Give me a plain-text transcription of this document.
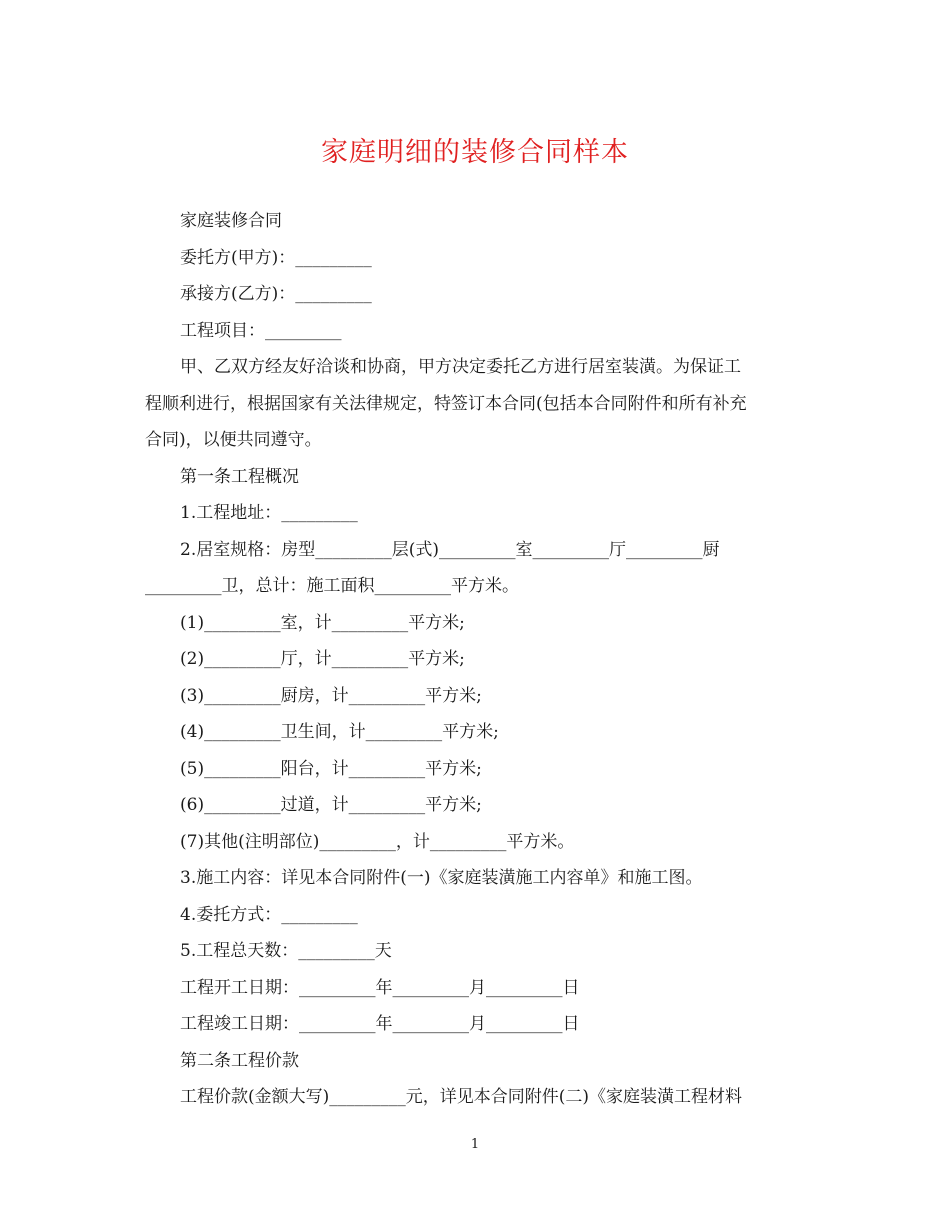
家庭明细的装修合同样本
家庭装修合同
委托方(甲方)：_________
承接方(乙方)：_________
工程项目：_________
甲、乙双方经友好洽谈和协商，甲方决定委托乙方进行居室装潢。为保证工
程顺利进行，根据国家有关法律规定，特签订本合同(包括本合同附件和所有补充
合同)，以便共同遵守。
第一条工程概况
1.工程地址：_________
2.居室规格：房型_________层(式)_________室_________厅_________厨
_________卫，总计：施工面积_________平方米。
(1)_________室，计_________平方米;
(2)_________厅，计_________平方米;
(3)_________厨房，计_________平方米;
(4)_________卫生间，计_________平方米;
(5)_________阳台，计_________平方米;
(6)_________过道，计_________平方米;
(7)其他(注明部位)_________，计_________平方米。
3.施工内容：详见本合同附件(一)《家庭装潢施工内容单》和施工图。
4.委托方式：_________
5.工程总天数：_________天
工程开工日期：_________年_________月_________日
工程竣工日期：_________年_________月_________日
第二条工程价款
工程价款(金额大写)_________元，详见本合同附件(二)《家庭装潢工程材料
1
